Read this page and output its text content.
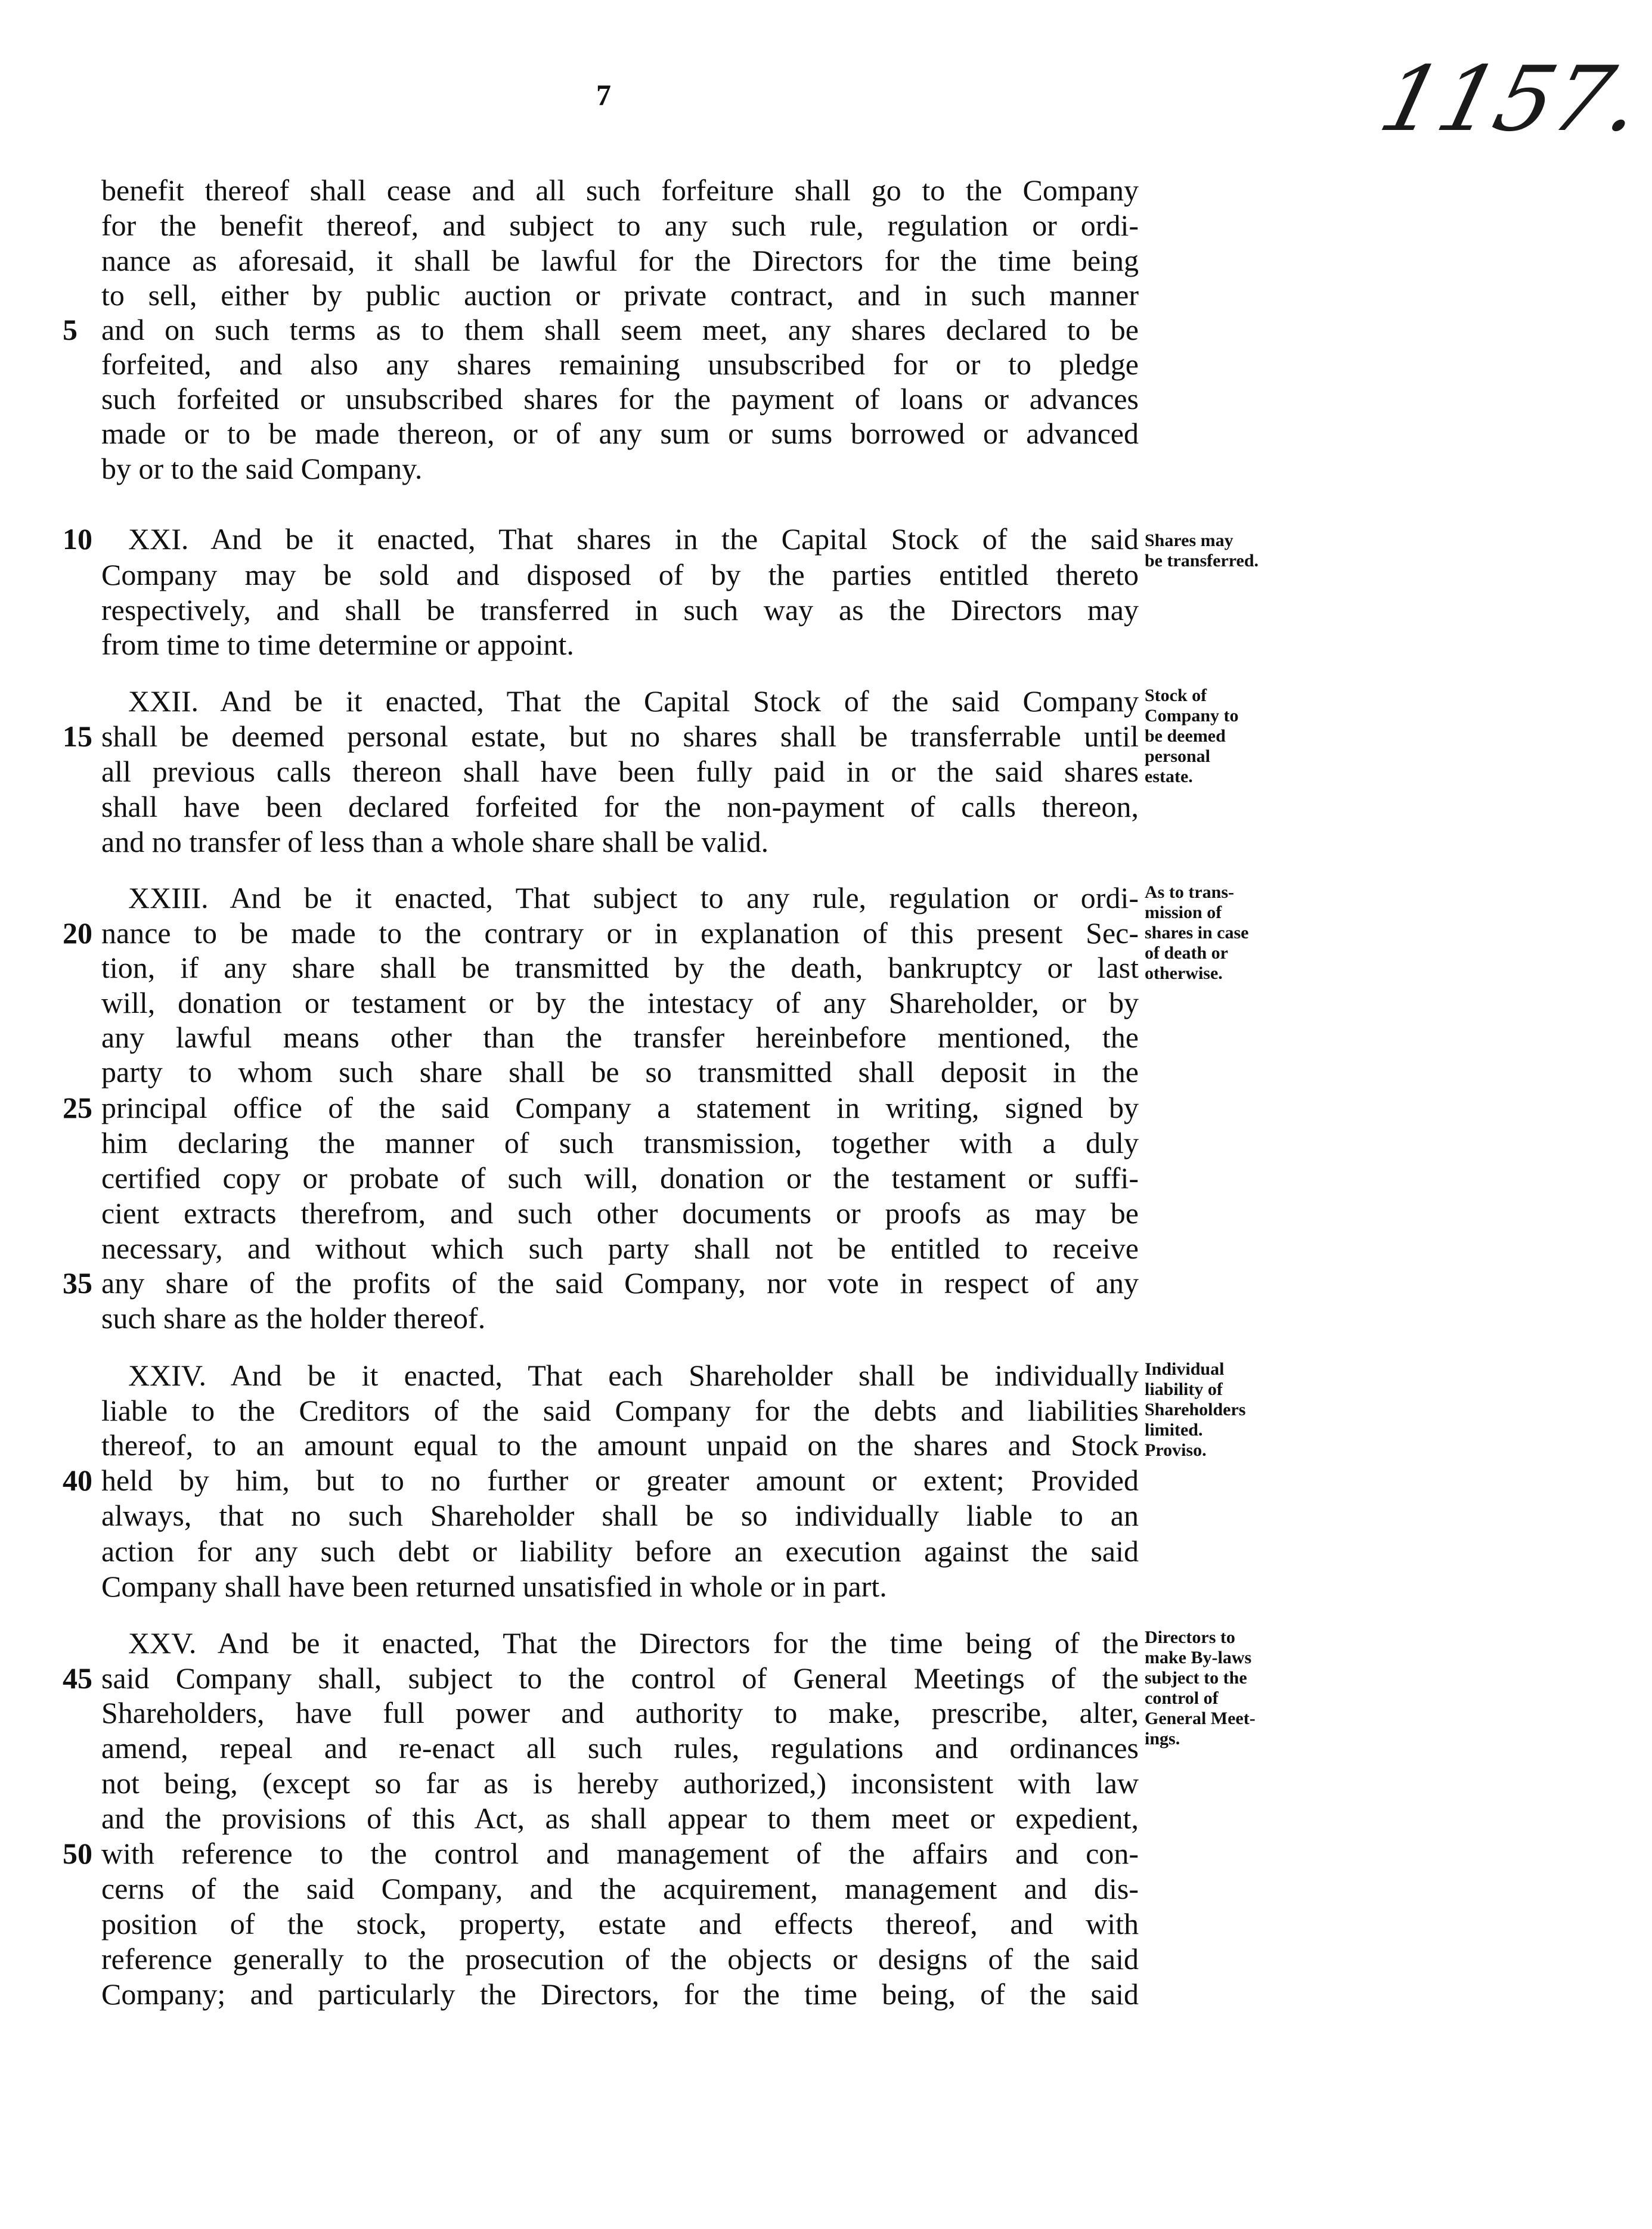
7	1157.
benefit thereof shall cease and all such forfeiture shall go to the Company
for the benefit thereof, and subject to any such rule, regulation or ordi-
nance as aforesaid, it shall be lawful for the Directors for the time being
to sell, either by public auction or private contract, and in such manner
and on such terms as to them shall seem meet, any shares declared to be
forfeited, and also any shares remaining unsubscribed for or to pledge
such forfeited or unsubscribed shares for the payment of loans or advances
made or to be made thereon, or of any sum or sums borrowed or advanced
by or to the said Company.
XXI. And be it enacted, That shares in the Capital Stock of the said
Company may be sold and disposed of by the parties entitled thereto
respectively, and shall be transferred in such way as the Directors may
from time to time determine or appoint.
XXII. And be it enacted, That the Capital Stock of the said Company
shall be deemed personal estate, but no shares shall be transferrable until
all previous calls thereon shall have been fully paid in or the said shares
shall have been declared forfeited for the non-payment of calls thereon,
and no transfer of less than a whole share shall be valid.
XXIII. And be it enacted, That subject to any rule, regulation or ordi-
nance to be made to the contrary or in explanation of this present Sec-
tion, if any share shall be transmitted by the death, bankruptcy or last
will, donation or testament or by the intestacy of any Shareholder, or by
any lawful means other than the transfer hereinbefore mentioned, the
party to whom such share shall be so transmitted shall deposit in the
principal office of the said Company a statement in writing, signed by
him declaring the manner of such transmission, together with a duly
certified copy or probate of such will, donation or the testament or suffi-
cient extracts therefrom, and such other documents or proofs as may be
necessary, and without which such party shall not be entitled to receive
any share of the profits of the said Company, nor vote in respect of any
such share as the holder thereof.
XXIV. And be it enacted, That each Shareholder shall be individually
liable to the Creditors of the said Company for the debts and liabilities
thereof, to an amount equal to the amount unpaid on the shares and Stock
held by him, but to no further or greater amount or extent; Provided
always, that no such Shareholder shall be so individually liable to an
action for any such debt or liability before an execution against the said
Company shall have been returned unsatisfied in whole or in part.
XXV. And be it enacted, That the Directors for the time being of the
said Company shall, subject to the control of General Meetings of the
Shareholders, have full power and authority to make, prescribe, alter,
amend, repeal and re-enact all such rules, regulations and ordinances
not being, (except so far as is hereby authorized,) inconsistent with law
and the provisions of this Act, as shall appear to them meet or expedient,
with reference to the control and management of the affairs and con-
cerns of the said Company, and the acquirement, management and dis-
position of the stock, property, estate and effects thereof, and with
reference generally to the prosecution of the objects or designs of the said
Company; and particularly the Directors, for the time being, of the said
5
10
15
20
25
35
40
45
50
Shares may
be transferred.
Stock of
Company to
be deemed
personal
estate.
As to trans-
mission of
shares in case
of death or
otherwise.
Individual
liability of
Shareholders
limited.
Proviso.
Directors to
make By-laws
subject to the
control of
General Meet-
ings.
